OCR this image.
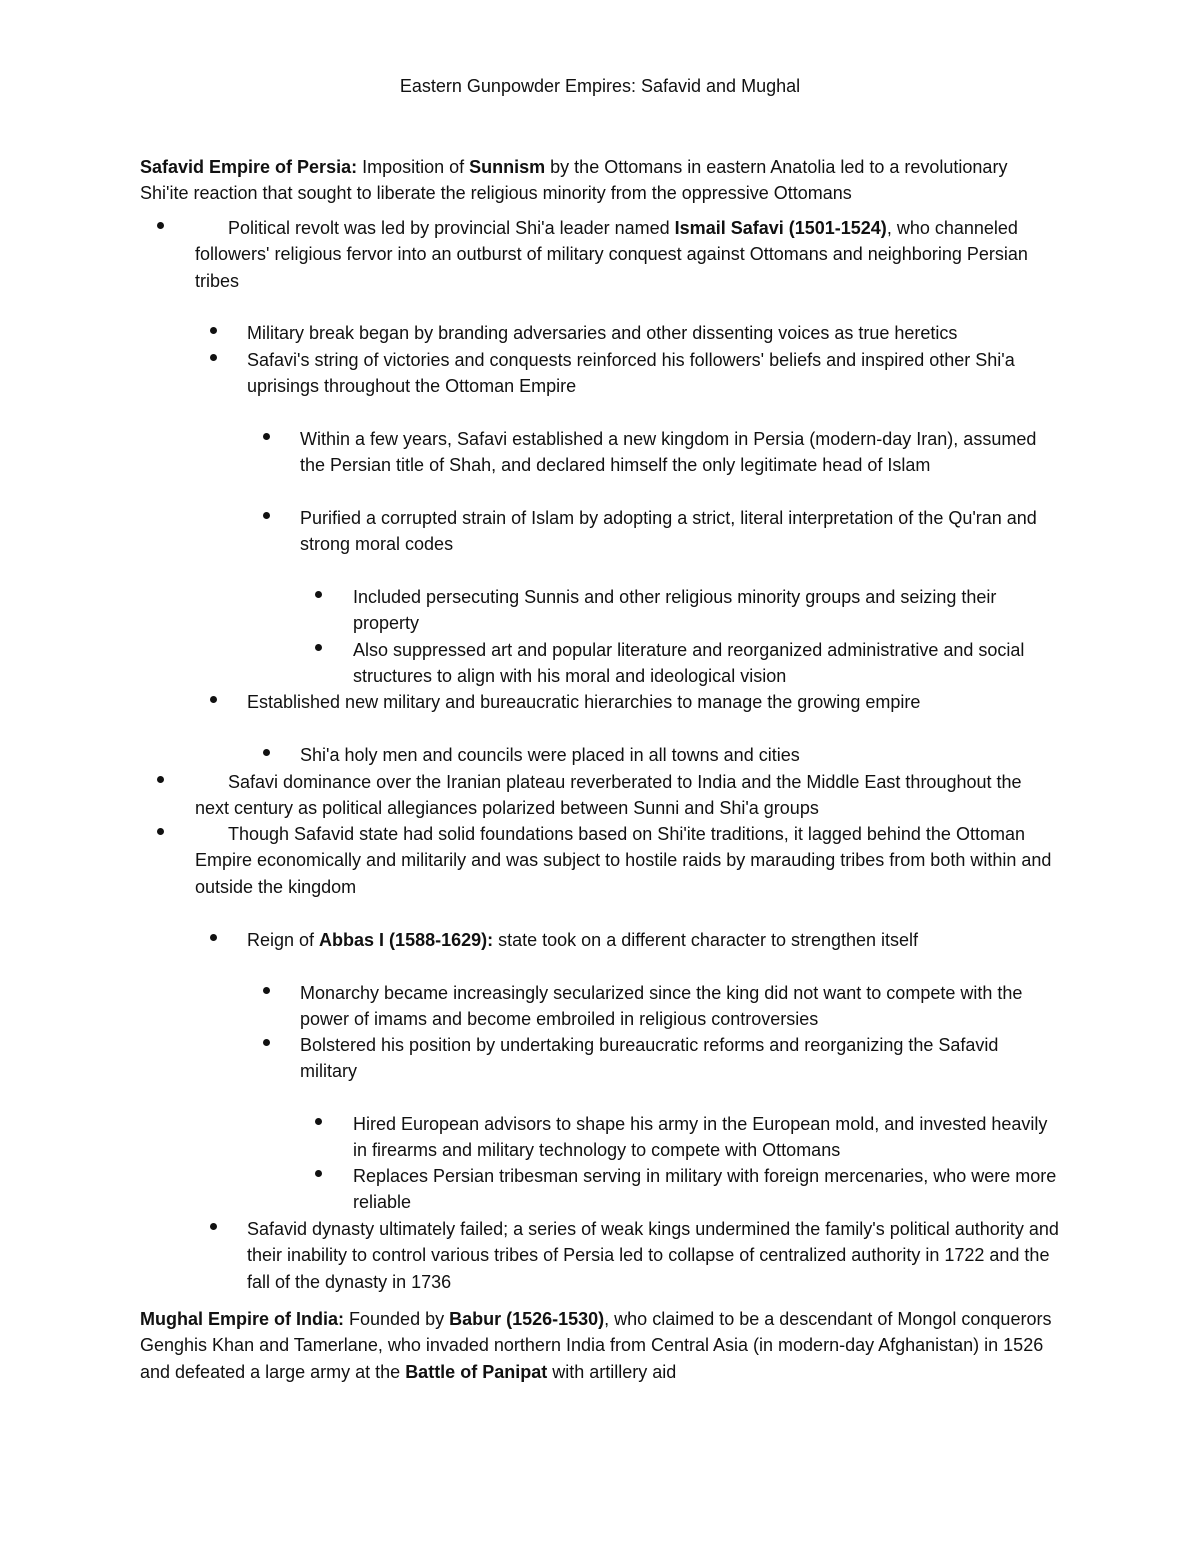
Eastern Gunpowder Empires: Safavid and Mughal
Safavid Empire of Persia: Imposition of Sunnism by the Ottomans in eastern Anatolia led to a revolutionary Shi'ite reaction that sought to liberate the religious minority from the oppressive Ottomans
Political revolt was led by provincial Shi'a leader named Ismail Safavi (1501-1524), who channeled followers' religious fervor into an outburst of military conquest against Ottomans and neighboring Persian tribes
Military break began by branding adversaries and other dissenting voices as true heretics
Safavi's string of victories and conquests reinforced his followers' beliefs and inspired other Shi'a uprisings throughout the Ottoman Empire
Within a few years, Safavi established a new kingdom in Persia (modern-day Iran), assumed the Persian title of Shah, and declared himself the only legitimate head of Islam
Purified a corrupted strain of Islam by adopting a strict, literal interpretation of the Qu'ran and strong moral codes
Included persecuting Sunnis and other religious minority groups and seizing their property
Also suppressed art and popular literature and reorganized administrative and social structures to align with his moral and ideological vision
Established new military and bureaucratic hierarchies to manage the growing empire
Shi'a holy men and councils were placed in all towns and cities
Safavi dominance over the Iranian plateau reverberated to India and the Middle East throughout the next century as political allegiances polarized between Sunni and Shi'a groups
Though Safavid state had solid foundations based on Shi'ite traditions, it lagged behind the Ottoman Empire economically and militarily and was subject to hostile raids by marauding tribes from both within and outside the kingdom
Reign of Abbas I (1588-1629): state took on a different character to strengthen itself
Monarchy became increasingly secularized since the king did not want to compete with the power of imams and become embroiled in religious controversies
Bolstered his position by undertaking bureaucratic reforms and reorganizing the Safavid military
Hired European advisors to shape his army in the European mold, and invested heavily in firearms and military technology to compete with Ottomans
Replaces Persian tribesman serving in military with foreign mercenaries, who were more reliable
Safavid dynasty ultimately failed; a series of weak kings undermined the family's political authority and their inability to control various tribes of Persia led to collapse of centralized authority in 1722 and the fall of the dynasty in 1736
Mughal Empire of India: Founded by Babur (1526-1530), who claimed to be a descendant of Mongol conquerors Genghis Khan and Tamerlane, who invaded northern India from Central Asia (in modern-day Afghanistan) in 1526 and defeated a large army at the Battle of Panipat with artillery aid
